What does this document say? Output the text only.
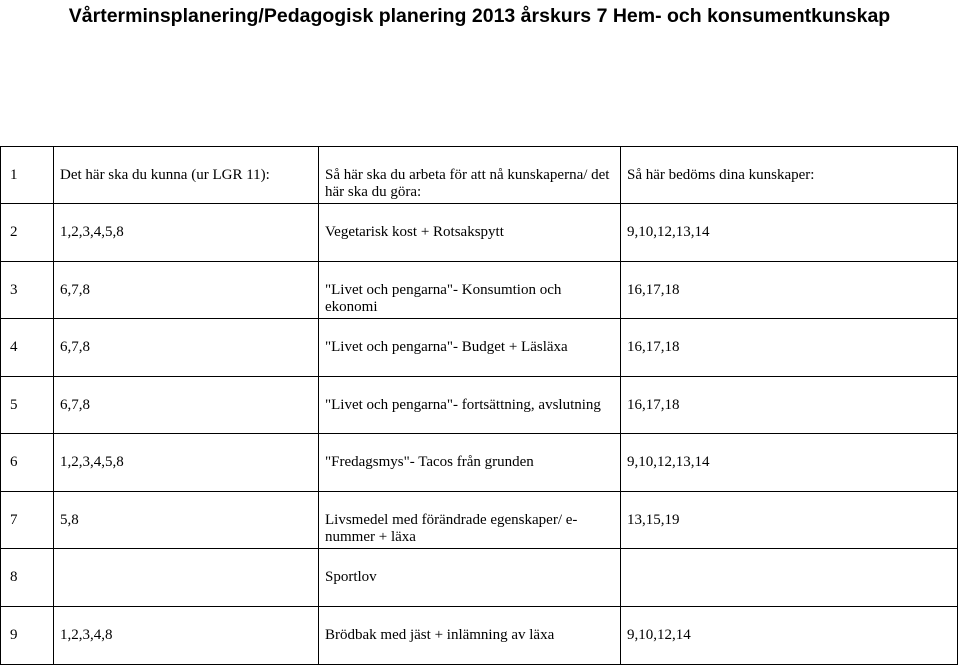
Vårterminsplanering/Pedagogisk planering 2013 årskurs 7 Hem- och konsumentkunskap
1	Det här ska du kunna (ur LGR 11):	Så här ska du arbeta för att nå kunskaperna/ det här ska du göra:	Så här bedöms dina kunskaper:
2	1,2,3,4,5,8	Vegetarisk kost + Rotsakspytt	9,10,12,13,14
3	6,7,8	"Livet och pengarna"- Konsumtion och ekonomi	16,17,18
4	6,7,8	"Livet och pengarna"- Budget + Läsläxa	16,17,18
5	6,7,8	"Livet och pengarna"- fortsättning, avslutning	16,17,18
6	1,2,3,4,5,8	"Fredagsmys"- Tacos från grunden	9,10,12,13,14
7	5,8	Livsmedel med förändrade egenskaper/ e-nummer + läxa	13,15,19
8		Sportlov	
9	1,2,3,4,8	Brödbak med jäst + inlämning av läxa	9,10,12,14
